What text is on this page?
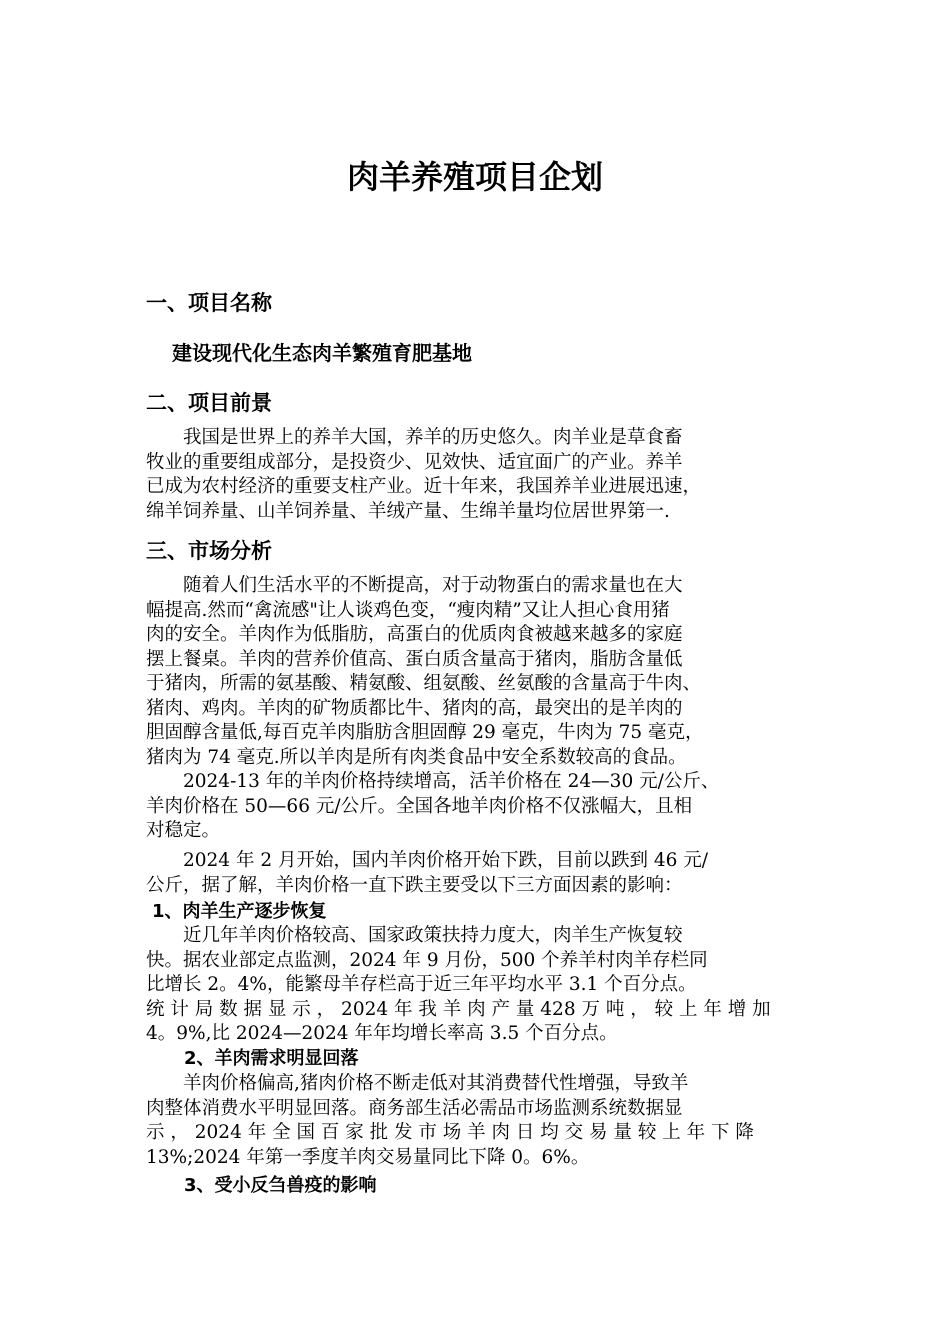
肉羊养殖项目企划
一、项目名称
建设现代化生态肉羊繁殖育肥基地
二、项目前景
　　我国是世界上的养羊大国，养羊的历史悠久。肉羊业是草食畜
牧业的重要组成部分，是投资少、见效快、适宜面广的产业。养羊
已成为农村经济的重要支柱产业。近十年来，我国养羊业进展迅速，
绵羊饲养量、山羊饲养量、羊绒产量、生绵羊量均位居世界第一.
三、市场分析
　　随着人们生活水平的不断提高，对于动物蛋白的需求量也在大
幅提高.然而“禽流感"让人谈鸡色变，“瘦肉精”又让人担心食用猪
肉的安全。羊肉作为低脂肪，高蛋白的优质肉食被越来越多的家庭
摆上餐桌。羊肉的营养价值高、蛋白质含量高于猪肉，脂肪含量低
于猪肉，所需的氨基酸、精氨酸、组氨酸、丝氨酸的含量高于牛肉、
猪肉、鸡肉。羊肉的矿物质都比牛、猪肉的高，最突出的是羊肉的
胆固醇含量低,每百克羊肉脂肪含胆固醇 29 毫克，牛肉为 75 毫克，
猪肉为 74 毫克.所以羊肉是所有肉类食品中安全系数较高的食品。
　　2024-13 年的羊肉价格持续增高，活羊价格在 24—30 元/公斤、
羊肉价格在 50—66 元/公斤。全国各地羊肉价格不仅涨幅大，且相
对稳定。
　　2024 年 2 月开始，国内羊肉价格开始下跌，目前以跌到 46 元/
公斤，据了解，羊肉价格一直下跌主要受以下三方面因素的影响：
1、肉羊生产逐步恢复
　　近几年羊肉价格较高、国家政策扶持力度大，肉羊生产恢复较
快。据农业部定点监测，2024 年 9 月份，500 个养羊村肉羊存栏同
比增长 2。4%，能繁母羊存栏高于近三年平均水平 3.1 个百分点。
统 计 局 数 据 显 示 ， 2024 年 我 羊 肉 产 量 428 万 吨 ， 较 上 年 增 加
4。9%,比 2024—2024 年年均增长率高 3.5 个百分点。
2、羊肉需求明显回落
　　羊肉价格偏高,猪肉价格不断走低对其消费替代性增强，导致羊
肉整体消费水平明显回落。商务部生活必需品市场监测系统数据显
示 ， 2024 年 全 国 百 家 批 发 市 场 羊 肉 日 均 交 易 量 较 上 年 下 降
13%;2024 年第一季度羊肉交易量同比下降 0。6%。
3、受小反刍兽疫的影响
